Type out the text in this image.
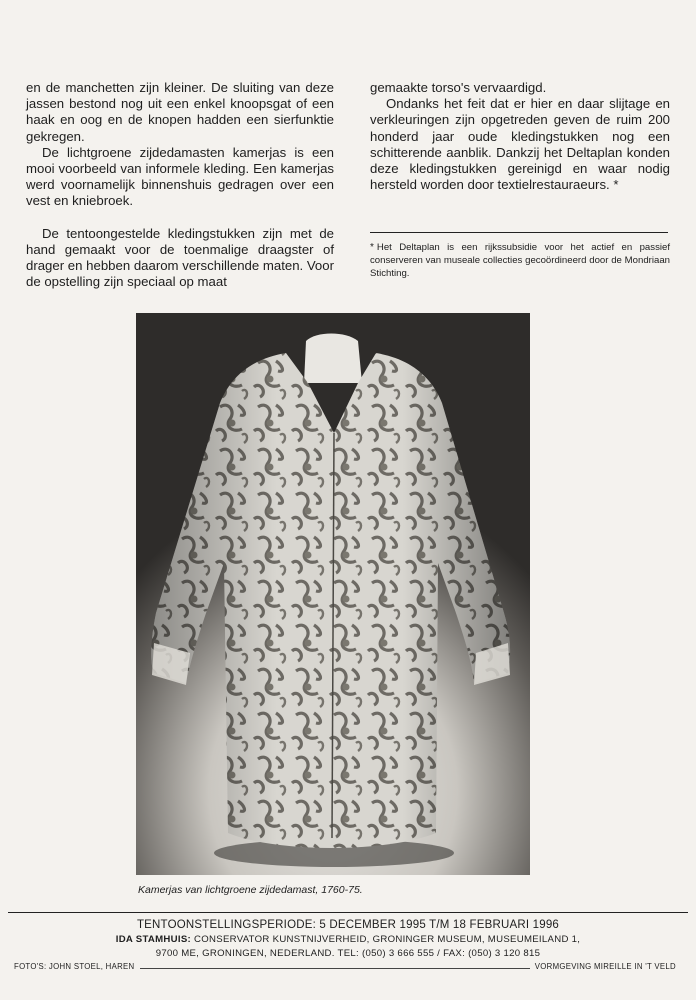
en de manchetten zijn kleiner. De sluiting van deze jassen bestond nog uit een enkel knoopsgat of een haak en oog en de knopen hadden een sierfunktie gekregen.

De lichtgroene zijdedamasten kamerjas is een mooi voorbeeld van informele kleding. Een kamerjas werd voornamelijk binnenshuis gedragen over een vest en kniebroek.

De tentoongestelde kledingstukken zijn met de hand gemaakt voor de toenmalige draagster of drager en hebben daarom verschillende maten. Voor de opstelling zijn speciaal op maat

gemaakte torso's vervaardigd.

Ondanks het feit dat er hier en daar slijtage en verkleuringen zijn opgetreden geven de ruim 200 honderd jaar oude kledingstukken nog een schitterende aanblik. Dankzij het Deltaplan konden deze kledingstukken gereinigd en waar nodig hersteld worden door textielrestauraeurs. *

* Het Deltaplan is een rijkssubsidie voor het actief en passief conserveren van museale collecties gecoördineerd door de Mondriaan Stichting.
Kamerjas van lichtgroene zijdedamast, 1760-75.
TENTOONSTELLINGSPERIODE: 5 DECEMBER 1995 T/M 18 FEBRUARI 1996
IDA STAMHUIS: CONSERVATOR KUNSTNIJVERHEID, GRONINGER MUSEUM, MUSEUMEILAND 1,
9700 ME, GRONINGEN, NEDERLAND. TEL: (050) 3 666 555 / FAX: (050) 3 120 815
FOTO'S: JOHN STOEL, HAREN	VORMGEVING MIREILLE IN 'T VELD
